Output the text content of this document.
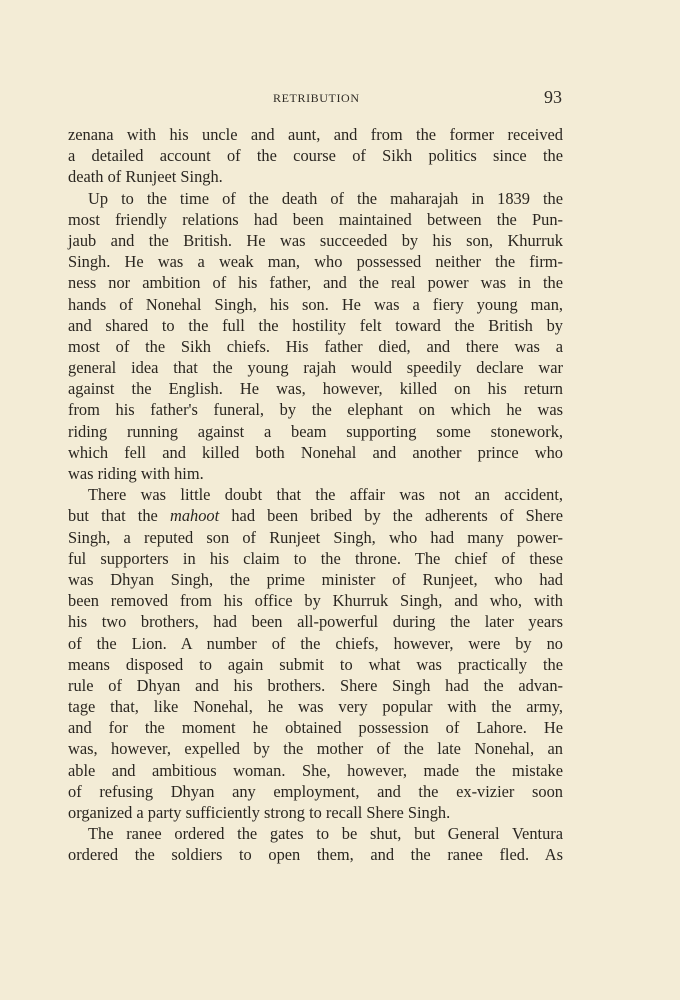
RETRIBUTION	93
zenana with his uncle and aunt, and from the former received
a detailed account of the course of Sikh politics since the
death of Runjeet Singh.
Up to the time of the death of the maharajah in 1839 the
most friendly relations had been maintained between the Pun-
jaub and the British. He was succeeded by his son, Khurruk
Singh. He was a weak man, who possessed neither the firm-
ness nor ambition of his father, and the real power was in the
hands of Nonehal Singh, his son. He was a fiery young man,
and shared to the full the hostility felt toward the British by
most of the Sikh chiefs. His father died, and there was a
general idea that the young rajah would speedily declare war
against the English. He was, however, killed on his return
from his father's funeral, by the elephant on which he was
riding running against a beam supporting some stonework,
which fell and killed both Nonehal and another prince who
was riding with him.
There was little doubt that the affair was not an accident,
but that the mahoot had been bribed by the adherents of Shere
Singh, a reputed son of Runjeet Singh, who had many power-
ful supporters in his claim to the throne. The chief of these
was Dhyan Singh, the prime minister of Runjeet, who had
been removed from his office by Khurruk Singh, and who, with
his two brothers, had been all-powerful during the later years
of the Lion. A number of the chiefs, however, were by no
means disposed to again submit to what was practically the
rule of Dhyan and his brothers. Shere Singh had the advan-
tage that, like Nonehal, he was very popular with the army,
and for the moment he obtained possession of Lahore. He
was, however, expelled by the mother of the late Nonehal, an
able and ambitious woman. She, however, made the mistake
of refusing Dhyan any employment, and the ex-vizier soon
organized a party sufficiently strong to recall Shere Singh.
The ranee ordered the gates to be shut, but General Ventura
ordered the soldiers to open them, and the ranee fled. As
